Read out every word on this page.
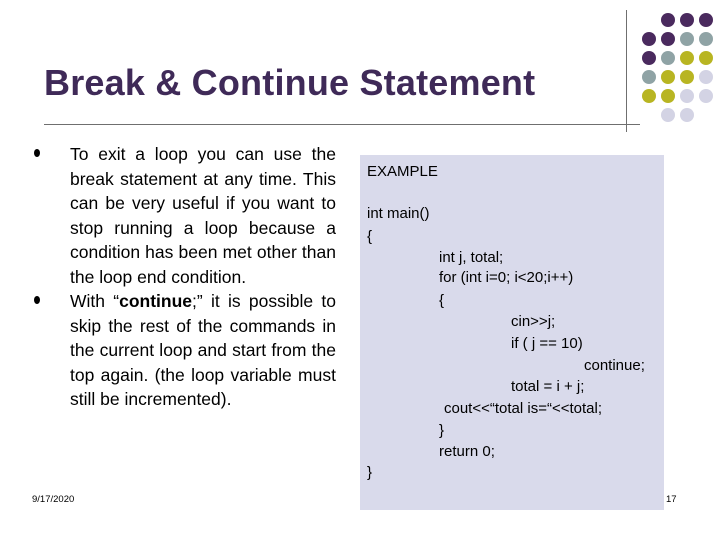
Break & Continue Statement

To exit a loop you can use the break statement at any time. This can be very useful if you want to stop running a loop because a condition has been met other than the loop end condition.

With “continue;” it is possible to skip the rest of the commands in the current loop and start from the top again. (the loop variable must still be incremented).

EXAMPLE
int main()
{
int j, total;
for (int i=0; i<20;i++)
{
cin>>j;
if ( j == 10)
continue;
total = i + j;
cout<<“total is=“<<total;
}
return 0;
}
9/17/2020	17
